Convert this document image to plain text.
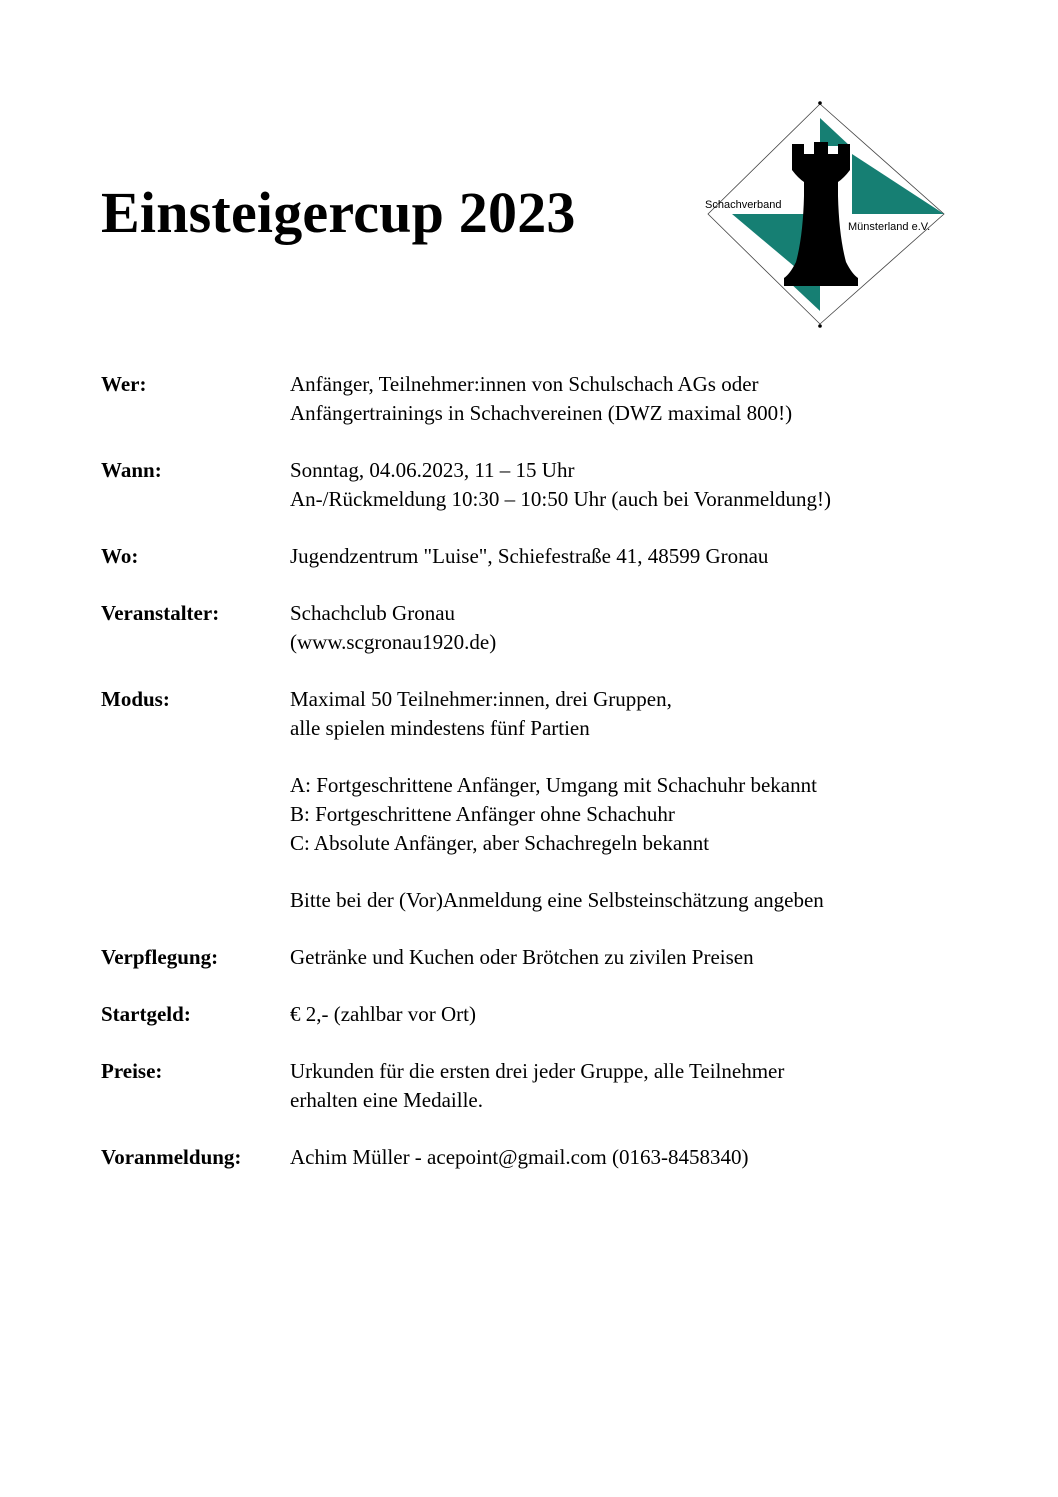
Einsteigercup 2023	Schachverband
Münsterland e.V.
Wer:	Anfänger, Teilnehmer:innen von Schulschach AGs oder
Anfängertrainings in Schachvereinen (DWZ maximal 800!)
Wann:	Sonntag, 04.06.2023, 11 – 15 Uhr
An-/Rückmeldung 10:30 – 10:50 Uhr (auch bei Voranmeldung!)
Wo:	Jugendzentrum "Luise", Schiefestraße 41, 48599 Gronau
Veranstalter:	Schachclub Gronau
(www.scgronau1920.de)
Modus:	Maximal 50 Teilnehmer:innen, drei Gruppen,
alle spielen mindestens fünf Partien
A: Fortgeschrittene Anfänger, Umgang mit Schachuhr bekannt
B: Fortgeschrittene Anfänger ohne Schachuhr
C: Absolute Anfänger, aber Schachregeln bekannt
Bitte bei der (Vor)Anmeldung eine Selbsteinschätzung angeben
Verpflegung:	Getränke und Kuchen oder Brötchen zu zivilen Preisen
Startgeld:	€ 2,- (zahlbar vor Ort)
Preise:	Urkunden für die ersten drei jeder Gruppe, alle Teilnehmer
erhalten eine Medaille.
Voranmeldung:	Achim Müller - acepoint@gmail.com (0163-8458340)
